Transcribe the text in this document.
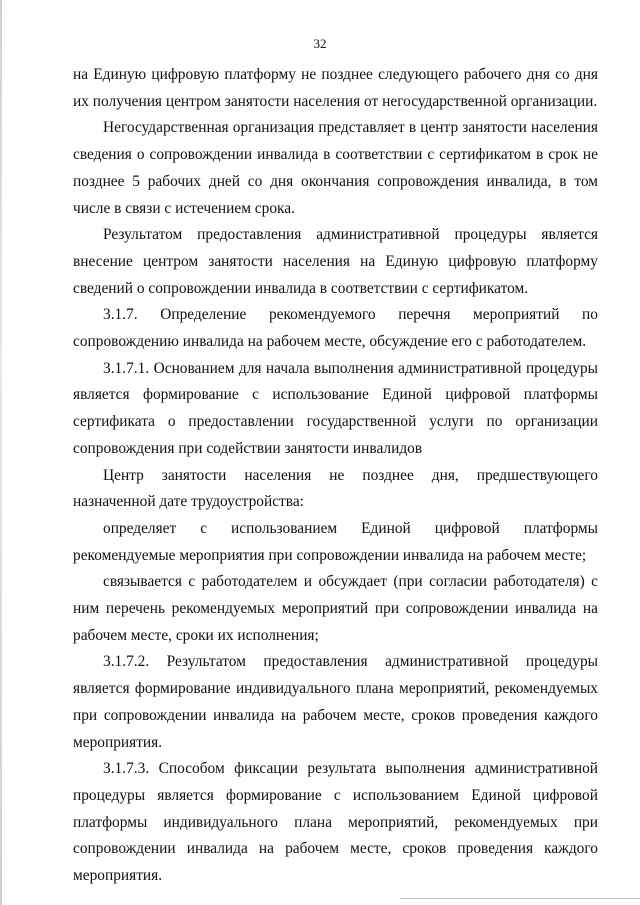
32

на Единую цифровую платформу не позднее следующего рабочего дня со дня их получения центром занятости населения от негосударственной организации.

Негосударственная организация представляет в центр занятости населения сведения о сопровождении инвалида в соответствии с сертификатом в срок не позднее 5 рабочих дней со дня окончания сопровождения инвалида, в том числе в связи с истечением срока.

Результатом предоставления административной процедуры является внесение центром занятости населения на Единую цифровую платформу сведений о сопровождении инвалида в соответствии с сертификатом.

3.1.7. Определение рекомендуемого перечня мероприятий по сопровождению инвалида на рабочем месте, обсуждение его с работодателем.

3.1.7.1. Основанием для начала выполнения административной процедуры является формирование с использование Единой цифровой платформы сертификата о предоставлении государственной услуги по организации сопровождения при содействии занятости инвалидов

Центр занятости населения не позднее дня, предшествующего назначенной дате трудоустройства:

определяет с использованием Единой цифровой платформы рекомендуемые мероприятия при сопровождении инвалида на рабочем месте;

связывается с работодателем и обсуждает (при согласии работодателя) с ним перечень рекомендуемых мероприятий при сопровождении инвалида на рабочем месте, сроки их исполнения;

3.1.7.2. Результатом предоставления административной процедуры является формирование индивидуального плана мероприятий, рекомендуемых при сопровождении инвалида на рабочем месте, сроков проведения каждого мероприятия.

3.1.7.3. Способом фиксации результата выполнения административной процедуры является формирование с использованием Единой цифровой платформы индивидуального плана мероприятий, рекомендуемых при сопровождении инвалида на рабочем месте, сроков проведения каждого мероприятия.
